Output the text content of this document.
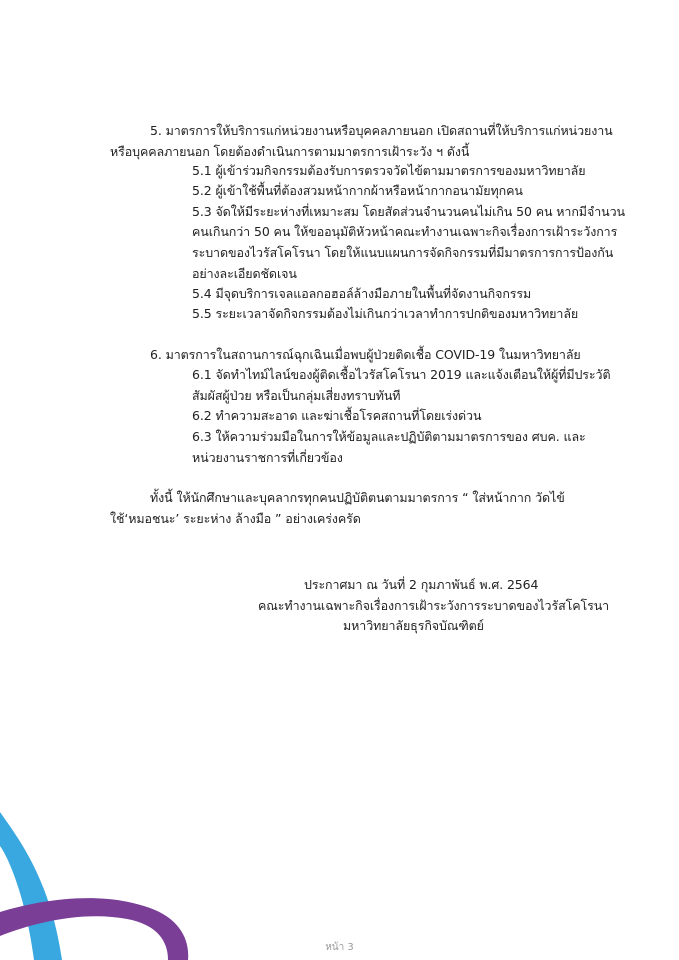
5. มาตรการให้บริการแก่หน่วยงานหรือบุคคลภายนอก เปิดสถานที่ให้บริการแก่หน่วยงาน
หรือบุคคลภายนอก โดยต้องดำเนินการตามมาตรการเฝ้าระวัง ฯ ดังนี้
5.1 ผู้เข้าร่วมกิจกรรมต้องรับการตรวจวัดไข้ตามมาตรการของมหาวิทยาลัย
5.2 ผู้เข้าใช้พื้นที่ต้องสวมหน้ากากผ้าหรือหน้ากากอนามัยทุกคน
5.3 จัดให้มีระยะห่างที่เหมาะสม โดยสัดส่วนจำนวนคนไม่เกิน 50 คน หากมีจำนวน
คนเกินกว่า 50 คน ให้ขออนุมัติหัวหน้าคณะทำงานเฉพาะกิจเรื่องการเฝ้าระวังการ
ระบาดของไวรัสโคโรนา โดยให้แนบแผนการจัดกิจกรรมที่มีมาตรการการป้องกัน
อย่างละเอียดชัดเจน
5.4 มีจุดบริการเจลแอลกอฮอล์ล้างมือภายในพื้นที่จัดงานกิจกรรม
5.5 ระยะเวลาจัดกิจกรรมต้องไม่เกินกว่าเวลาทำการปกติของมหาวิทยาลัย
6. มาตรการในสถานการณ์ฉุกเฉินเมื่อพบผู้ป่วยติดเชื้อ COVID-19 ในมหาวิทยาลัย
6.1 จัดทำไทม์ไลน์ของผู้ติดเชื้อไวรัสโคโรนา 2019 และแจ้งเตือนให้ผู้ที่มีประวัติ
สัมผัสผู้ป่วย หรือเป็นกลุ่มเสี่ยงทราบทันที
6.2 ทำความสะอาด และฆ่าเชื้อโรคสถานที่โดยเร่งด่วน
6.3 ให้ความร่วมมือในการให้ข้อมูลและปฏิบัติตามมาตรการของ ศบค. และ
หน่วยงานราชการที่เกี่ยวข้อง
ทั้งนี้ ให้นักศึกษาและบุคลากรทุกคนปฏิบัติตนตามมาตรการ “ ใส่หน้ากาก วัดไข้
ใช้‘หมอชนะ’ ระยะห่าง ล้างมือ ” อย่างเคร่งครัด
ประกาศมา ณ วันที่ 2 กุมภาพันธ์ พ.ศ. 2564
คณะทำงานเฉพาะกิจเรื่องการเฝ้าระวังการระบาดของไวรัสโคโรนา
มหาวิทยาลัยธุรกิจบัณฑิตย์
หน้า 3
